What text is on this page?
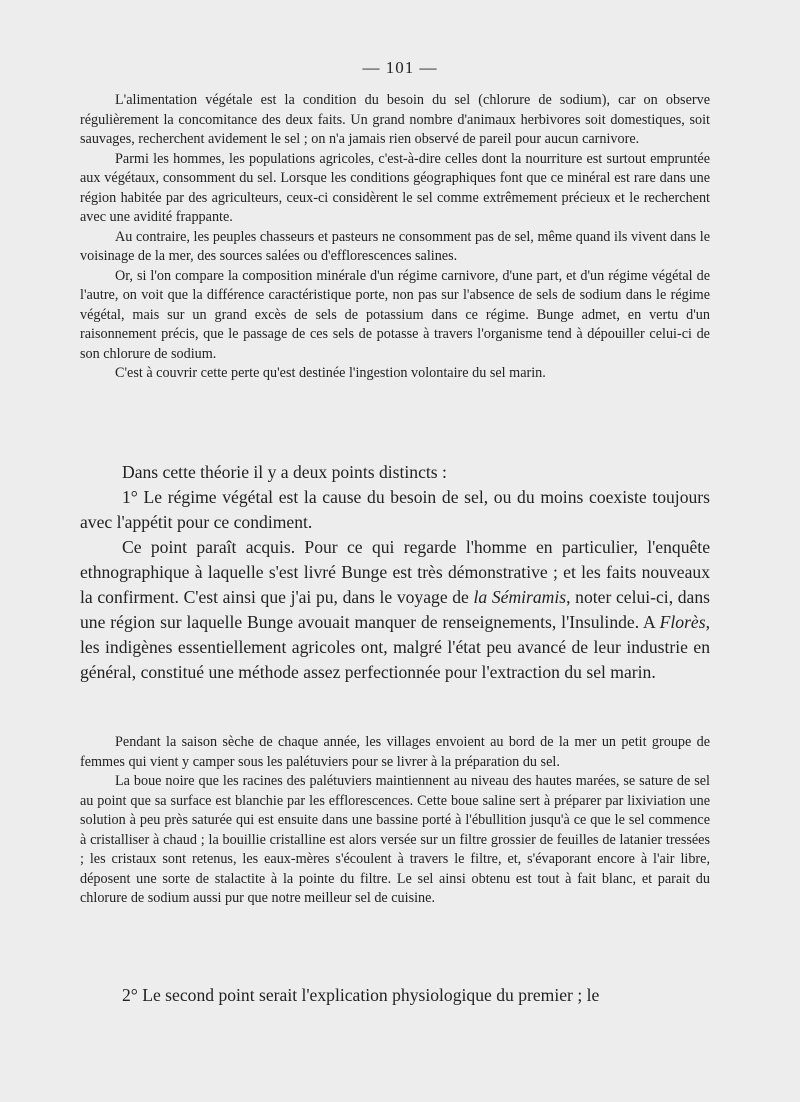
— 101 —

L'alimentation végétale est la condition du besoin du sel (chlorure de sodium), car on observe régulièrement la concomitance des deux faits. Un grand nombre d'animaux herbivores soit domestiques, soit sauvages, recherchent avidement le sel ; on n'a jamais rien observé de pareil pour aucun carnivore.

Parmi les hommes, les populations agricoles, c'est-à-dire celles dont la nourriture est surtout empruntée aux végétaux, consomment du sel. Lorsque les conditions géographiques font que ce minéral est rare dans une région habitée par des agriculteurs, ceux-ci considèrent le sel comme extrêmement précieux et le recherchent avec une avidité frappante.

Au contraire, les peuples chasseurs et pasteurs ne consomment pas de sel, même quand ils vivent dans le voisinage de la mer, des sources salées ou d'efflorescences salines.

Or, si l'on compare la composition minérale d'un régime carnivore, d'une part, et d'un régime végétal de l'autre, on voit que la différence caractéristique porte, non pas sur l'absence de sels de sodium dans le régime végétal, mais sur un grand excès de sels de potassium dans ce régime. Bunge admet, en vertu d'un raisonnement précis, que le passage de ces sels de potasse à travers l'organisme tend à dépouiller celui-ci de son chlorure de sodium.

C'est à couvrir cette perte qu'est destinée l'ingestion volontaire du sel marin.

Dans cette théorie il y a deux points distincts :

1° Le régime végétal est la cause du besoin de sel, ou du moins coexiste toujours avec l'appétit pour ce condiment.

Ce point paraît acquis. Pour ce qui regarde l'homme en particulier, l'enquête ethnographique à laquelle s'est livré Bunge est très démonstrative ; et les faits nouveaux la confirment. C'est ainsi que j'ai pu, dans le voyage de la Sémiramis, noter celui-ci, dans une région sur laquelle Bunge avouait manquer de renseignements, l'Insulinde. A Florès, les indigènes essentiellement agricoles ont, malgré l'état peu avancé de leur industrie en général, constitué une méthode assez perfectionnée pour l'extraction du sel marin.

Pendant la saison sèche de chaque année, les villages envoient au bord de la mer un petit groupe de femmes qui vient y camper sous les palétuviers pour se livrer à la préparation du sel.

La boue noire que les racines des palétuviers maintiennent au niveau des hautes marées, se sature de sel au point que sa surface est blanchie par les efflorescences. Cette boue saline sert à préparer par lixiviation une solution à peu près saturée qui est ensuite dans une bassine porté à l'ébullition jusqu'à ce que le sel commence à cristalliser à chaud ; la bouillie cristalline est alors versée sur un filtre grossier de feuilles de latanier tressées ; les cristaux sont retenus, les eaux-mères s'écoulent à travers le filtre, et, s'évaporant encore à l'air libre, déposent une sorte de stalactite à la pointe du filtre. Le sel ainsi obtenu est tout à fait blanc, et parait du chlorure de sodium aussi pur que notre meilleur sel de cuisine.

2° Le second point serait l'explication physiologique du premier ; le
